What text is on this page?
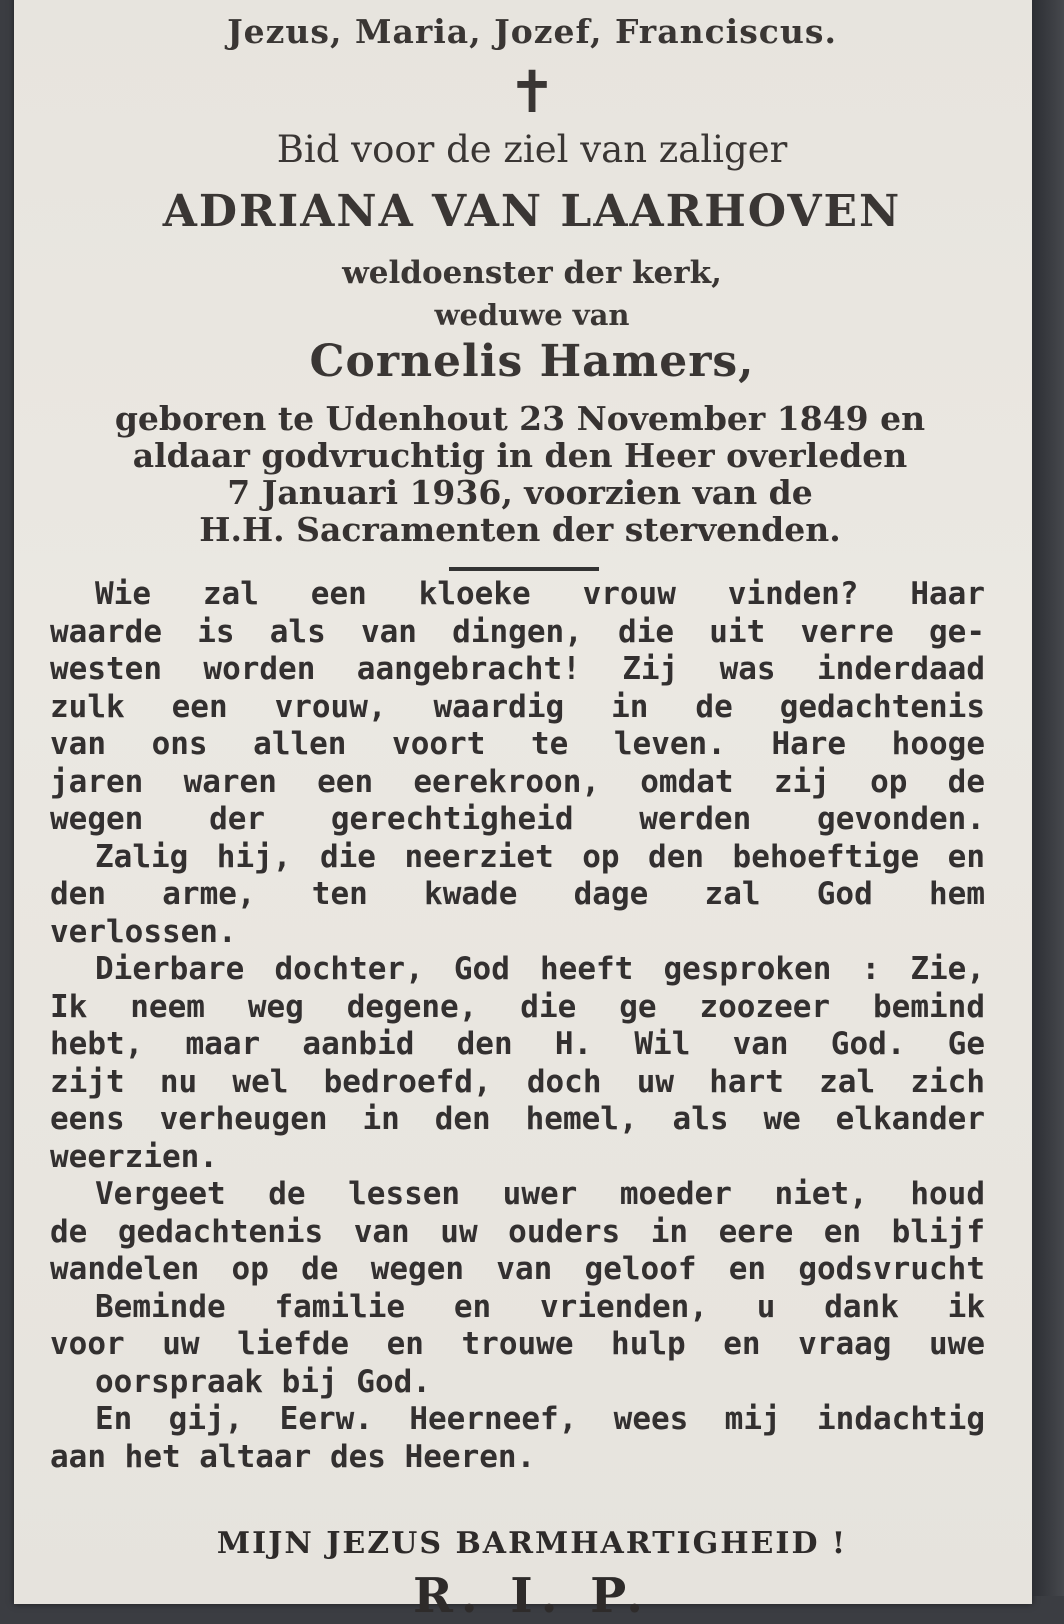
Jezus, Maria, Jozef, Franciscus.
✝
Bid voor de ziel van zaliger
ADRIANA VAN LAARHOVEN
weldoenster der kerk,
weduwe van
Cornelis Hamers,
geboren te Udenhout 23 November 1849 en
aldaar godvruchtig in den Heer overleden
7 Januari 1936, voorzien van de
H.H. Sacramenten der stervenden.
Wie zal een kloeke vrouw vinden? Haar
waarde is als van dingen, die uit verre ge-
westen worden aangebracht! Zij was inderdaad
zulk een vrouw, waardig in de gedachtenis
van ons allen voort te leven. Hare hooge
jaren waren een eerekroon, omdat zij op de
wegen der gerechtigheid werden gevonden.
Zalig hij, die neerziet op den behoeftige en
den arme, ten kwade dage zal God hem
verlossen.
Dierbare dochter, God heeft gesproken : Zie,
Ik neem weg degene, die ge zoozeer bemind
hebt, maar aanbid den H. Wil van God. Ge
zijt nu wel bedroefd, doch uw hart zal zich
eens verheugen in den hemel, als we elkander
weerzien.
Vergeet de lessen uwer moeder niet, houd
de gedachtenis van uw ouders in eere en blijf
wandelen op de wegen van geloof en godsvrucht
Beminde familie en vrienden, u dank ik
voor uw liefde en trouwe hulp en vraag uwe
oorspraak bij God.
En gij, Eerw. Heerneef, wees mij indachtig
aan het altaar des Heeren.
MIJN JEZUS BARMHARTIGHEID !
R. I. P.
